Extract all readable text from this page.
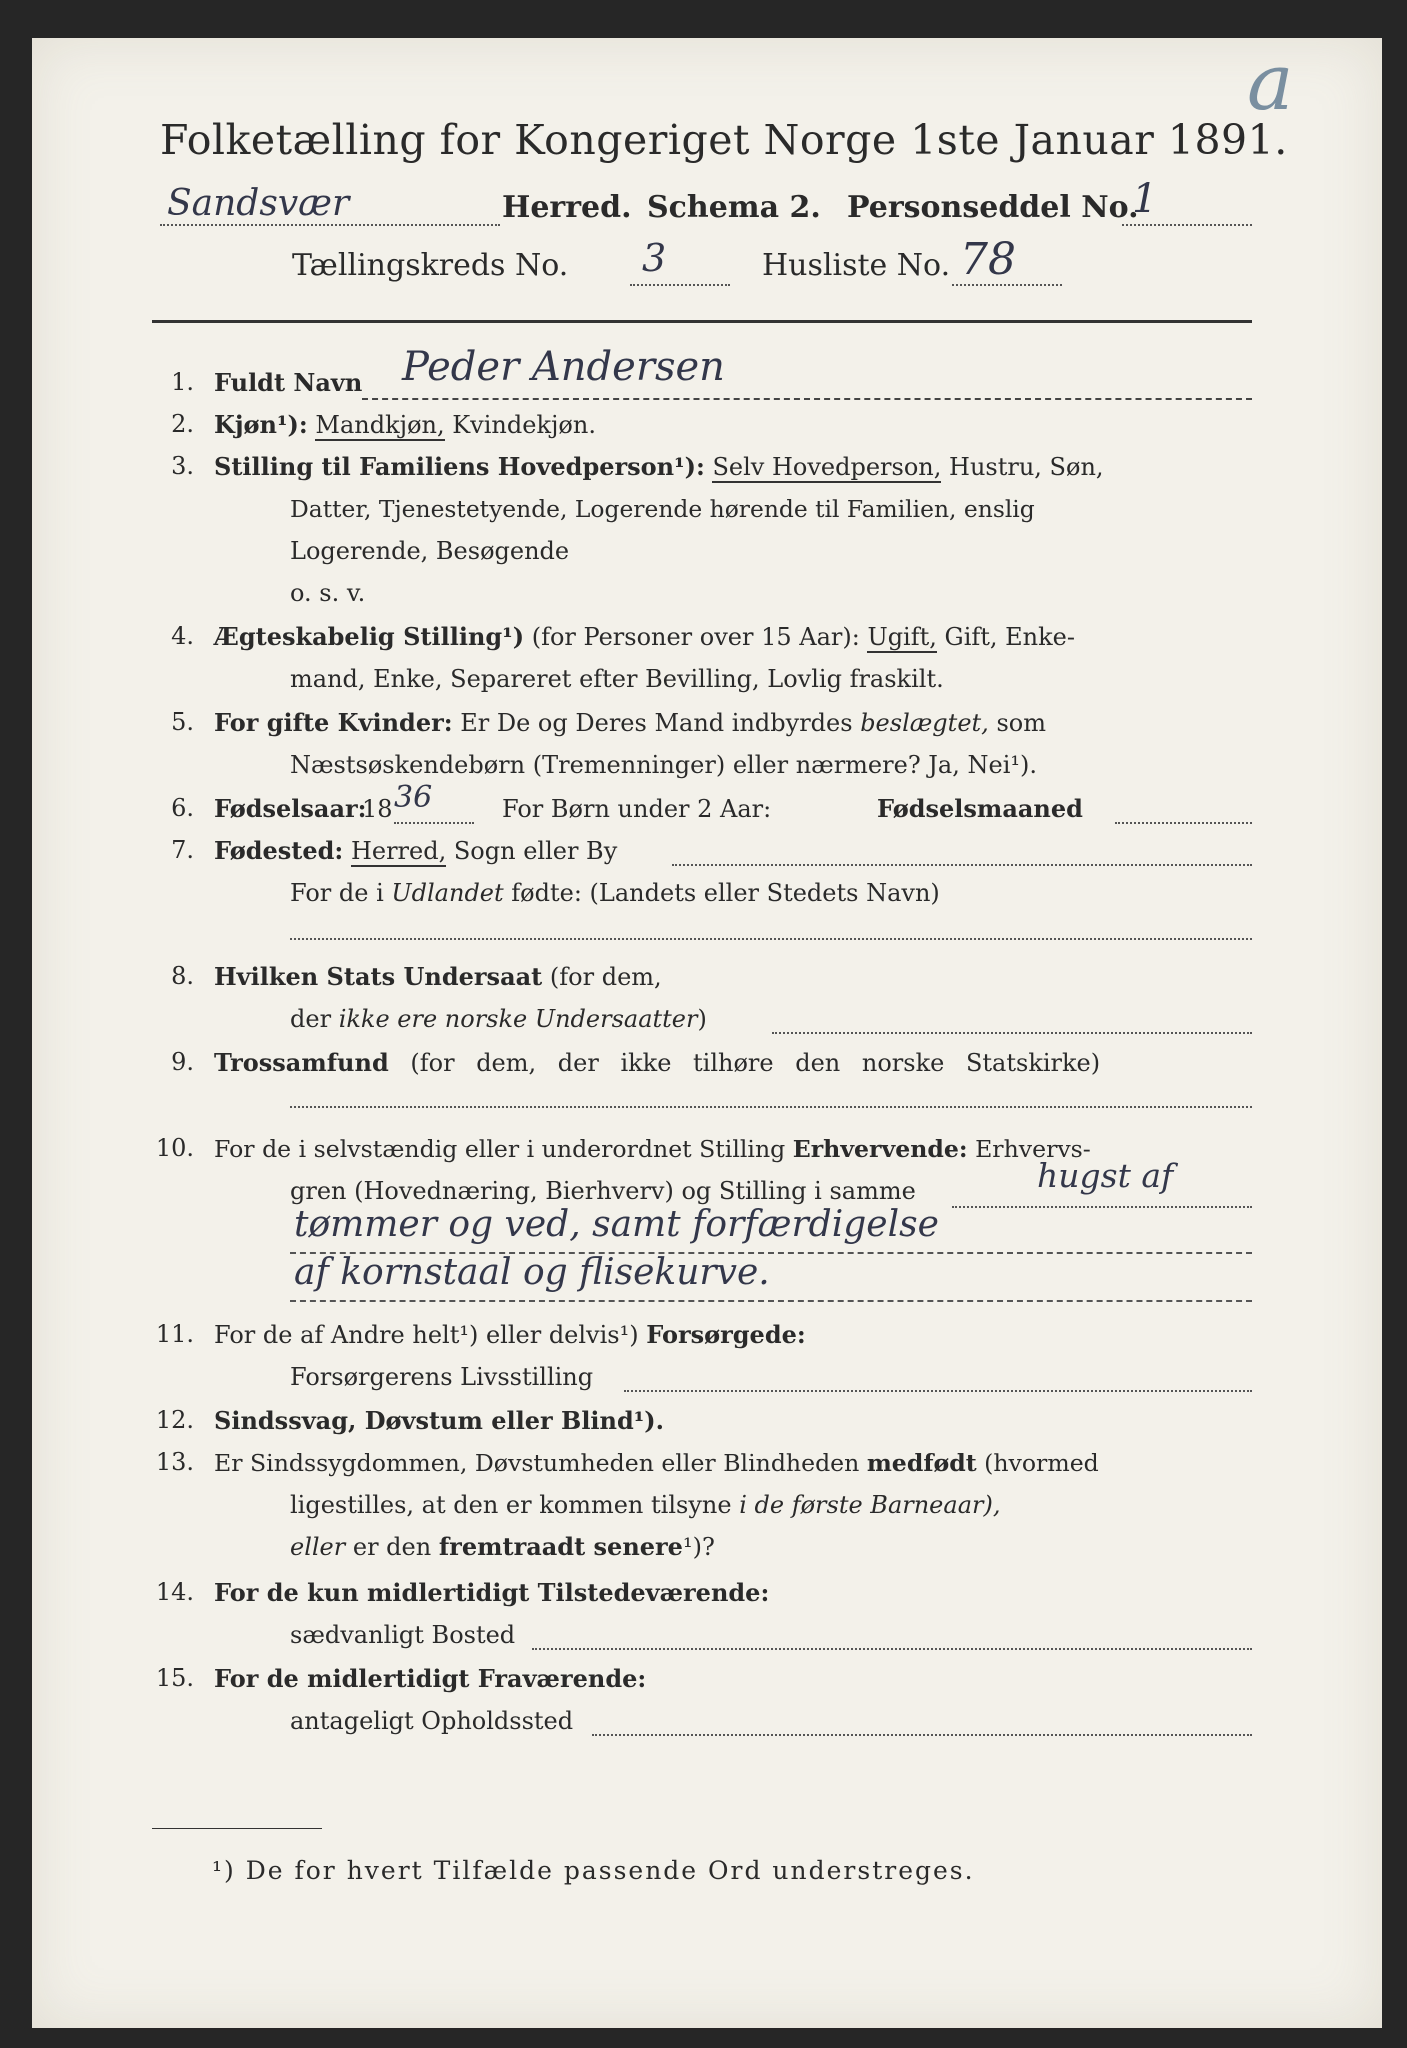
a
Folketælling for Kongeriget Norge 1ste Januar 1891.
Sandsvær	Herred. Schema 2. Personseddel No.
1
Tællingskreds No. 3	Husliste No. 78
1. Fuldt Navn Peder Andersen
2. Kjøn¹): Mandkjøn, Kvindekjøn.
3. Stilling til Familiens Hovedperson¹): Selv Hovedperson, Hustru, Søn,
Datter, Tjenestetyende, Logerende hørende til Familien, enslig
Logerende, Besøgende
o. s. v.
4. Ægteskabelig Stilling¹) (for Personer over 15 Aar): Ugift, Gift, Enke-
mand, Enke, Separeret efter Bevilling, Lovlig fraskilt.
5. For gifte Kvinder: Er De og Deres Mand indbyrdes beslægtet, som
Næstsøskendebørn (Tremenninger) eller nærmere? Ja, Nei¹).
6. Fødselsaar:
18 36	For Børn under 2 Aar:	Fødselsmaaned
7. Fødested: Herred, Sogn eller By
For de i Udlandet fødte: (Landets eller Stedets Navn)
8. Hvilken Stats Undersaat (for dem,
der ikke ere norske Undersaatter)
9. Trossamfund (for dem, der ikke tilhøre den norske Statskirke)
10. For de i selvstændig eller i underordnet Stilling Erhvervende: Erhvervs-
gren (Hovednæring, Bierhverv) og Stilling i samme	hugst af
tømmer og ved, samt forfærdigelse
af kornstaal og flisekurve.
11. For de af Andre helt¹) eller delvis¹) Forsørgede:
Forsørgerens Livsstilling
12. Sindssvag, Døvstum eller Blind¹).
13. Er Sindssygdommen, Døvstumheden eller Blindheden medfødt (hvormed
ligestilles, at den er kommen tilsyne i de første Barneaar),
eller er den fremtraadt senere¹)?
14. For de kun midlertidigt Tilstedeværende:
sædvanligt Bosted
15. For de midlertidigt Fraværende:
antageligt Opholdssted
¹) De for hvert Tilfælde passende Ord understreges.
